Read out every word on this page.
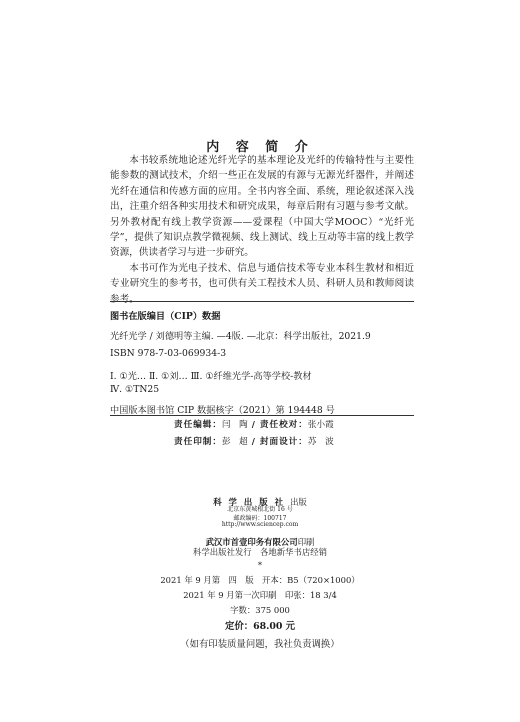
内 容 简 介

本书较系统地论述光纤光学的基本理论及光纤的传输特性与主要性能参数的测试技术，介绍一些正在发展的有源与无源光纤器件，并阐述光纤在通信和传感方面的应用。全书内容全面、系统，理论叙述深入浅出，注重介绍各种实用技术和研究成果，每章后附有习题与参考文献。另外教材配有线上教学资源——爱课程（中国大学MOOC）“光纤光学”，提供了知识点教学微视频、线上测试、线上互动等丰富的线上教学资源，供读者学习与进一步研究。

本书可作为光电子技术、信息与通信技术等专业本科生教材和相近专业研究生的参考书，也可供有关工程技术人员、科研人员和教师阅读参考。

图书在版编目（CIP）数据
光纤光学 / 刘德明等主编. —4版. —北京：科学出版社，2021.9
ISBN 978-7-03-069934-3
Ⅰ. ①光… Ⅱ. ①刘… Ⅲ. ①纤维光学-高等学校-教材
Ⅳ. ①TN25
中国版本图书馆 CIP 数据核字（2021）第 194448 号
责任编辑：闫　陶 / 责任校对：张小霞
责任印制：彭　超 / 封面设计：苏　波
科学出版社出版
北京东黄城根北街 16 号
邮政编码：100717
http://www.sciencep.com
武汉市首壹印务有限公司印刷
科学出版社发行　各地新华书店经销
*
2021 年 9 月第　四　版　开本：B5（720×1000）
2021 年 9 月第一次印刷　印张：18 3/4
字数：375 000
定价：68.00 元
（如有印装质量问题，我社负责调换）
